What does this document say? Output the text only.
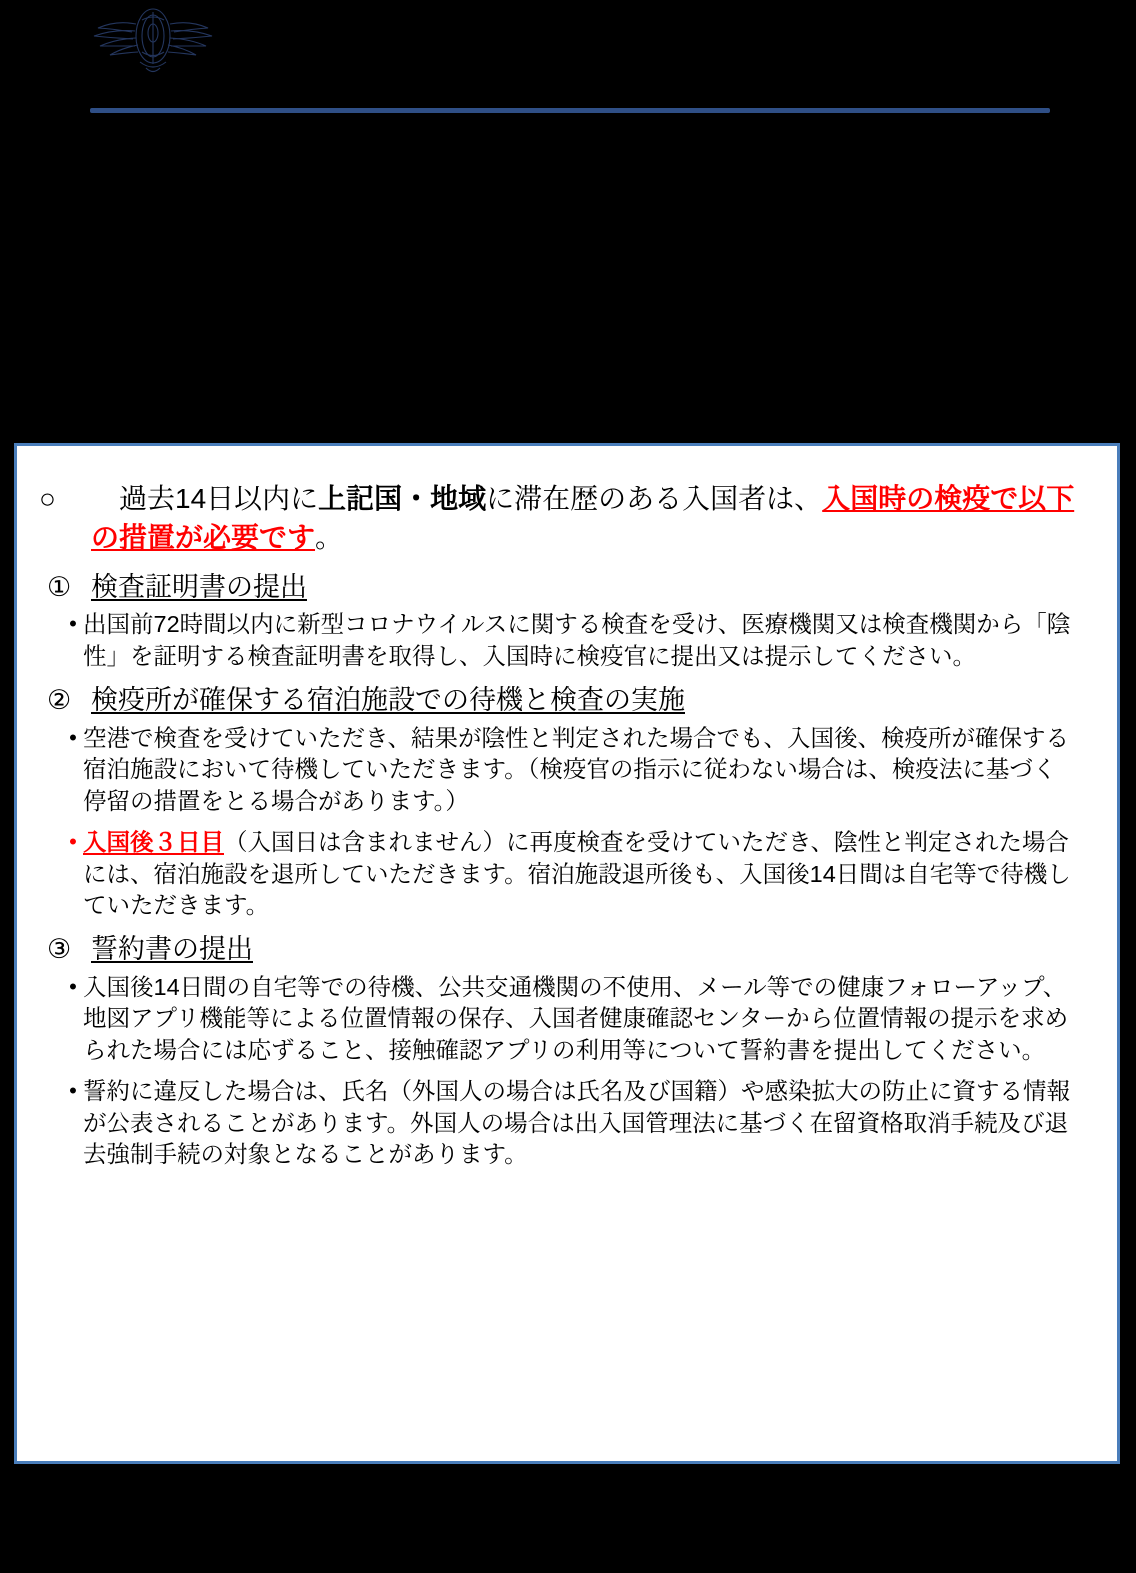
○	　過去14日以内に上記国・地域に滞在歴のある入国者は、入国時の検疫で以下の措置が必要です。
① 検査証明書の提出
• 出国前72時間以内に新型コロナウイルスに関する検査を受け、医療機関又は検査機関から「陰性」を証明する検査証明書を取得し、入国時に検疫官に提出又は提示してください。
② 検疫所が確保する宿泊施設での待機と検査の実施
• 空港で検査を受けていただき、結果が陰性と判定された場合でも、入国後、検疫所が確保する宿泊施設において待機していただきます。（検疫官の指示に従わない場合は、検疫法に基づく停留の措置をとる場合があります。）
• 入国後３日目（入国日は含まれません）に再度検査を受けていただき、陰性と判定された場合には、宿泊施設を退所していただきます。宿泊施設退所後も、入国後14日間は自宅等で待機していただきます。
③ 誓約書の提出
• 入国後14日間の自宅等での待機、公共交通機関の不使用、メール等での健康フォローアップ、地図アプリ機能等による位置情報の保存、入国者健康確認センターから位置情報の提示を求められた場合には応ずること、接触確認アプリの利用等について誓約書を提出してください。
• 誓約に違反した場合は、氏名（外国人の場合は氏名及び国籍）や感染拡大の防止に資する情報が公表されることがあります。外国人の場合は出入国管理法に基づく在留資格取消手続及び退去強制手続の対象となることがあります。
